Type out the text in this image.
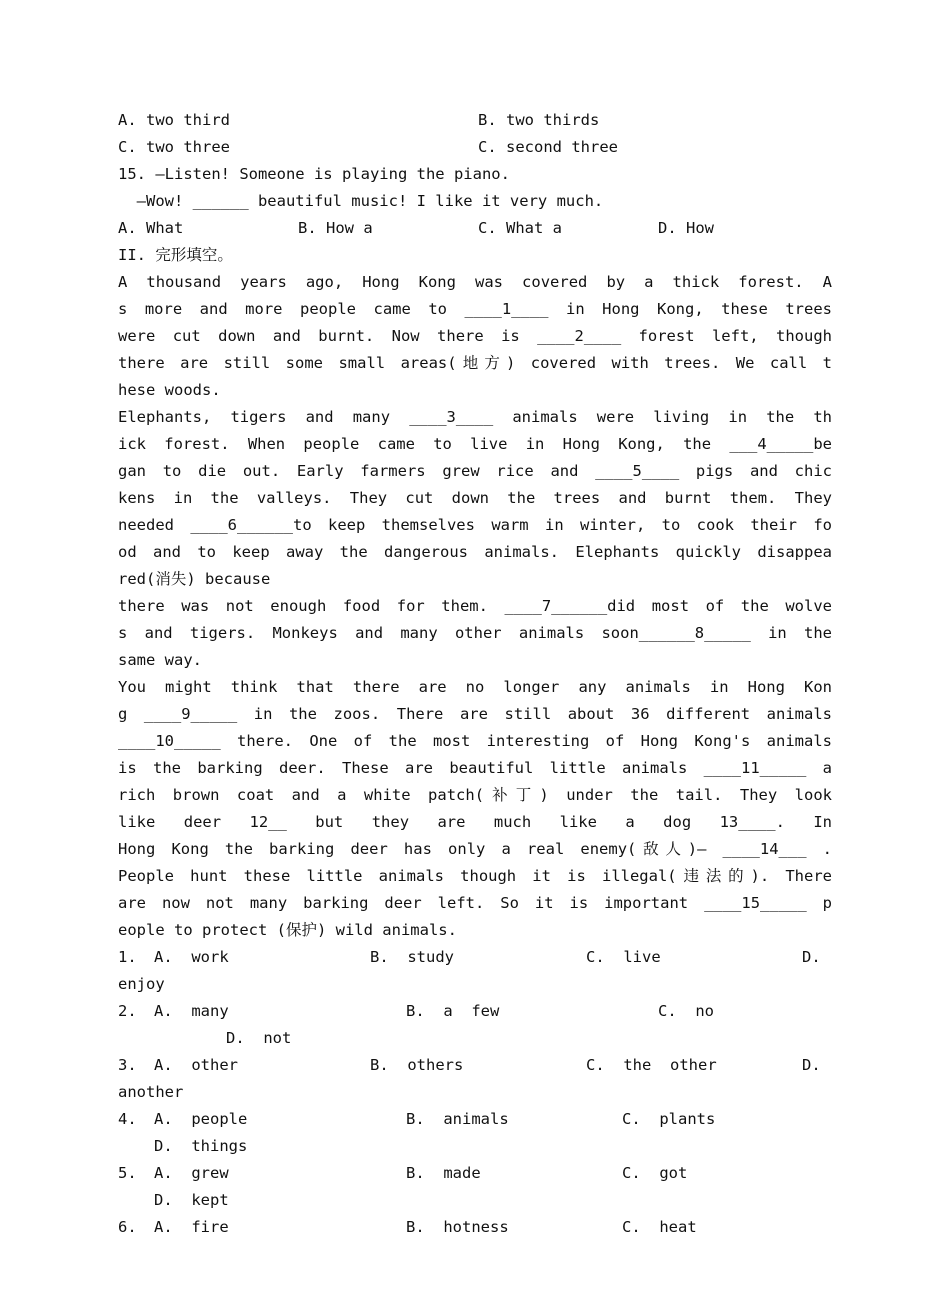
A. two third	B. two thirds
C. two three	C. second three
15. —Listen! Someone is playing the piano.
—Wow! ______ beautiful music! I like it very much.
A. What	B. How a	C. What a	D. How
II. 完形填空。
A thousand years ago, Hong Kong was covered by a thick forest. A
s more and more people came to ____1____ in Hong Kong, these trees
were cut down and burnt. Now there is ____2____ forest left, though
there are still some small areas(地方) covered with trees. We call t
hese woods.
Elephants, tigers and many ____3____ animals were living in the th
ick forest. When people came to live in Hong Kong, the ___4_____be
gan to die out. Early farmers grew rice and ____5____ pigs and chic
kens in the valleys. They cut down the trees and burnt them. They
needed ____6______to keep themselves warm in winter, to cook their fo
od and to keep away the dangerous animals. Elephants quickly disappea
red(消失) because
there was not enough food for them. ____7______did most of the wolve
s and tigers. Monkeys and many other animals soon______8_____ in the
same way.
You might think that there are no longer any animals in Hong Kon
g ____9_____ in the zoos. There are still about 36 different animals
____10_____ there. One of the most interesting of Hong Kong's animals
is the barking deer. These are beautiful little animals ____11_____ a
rich brown coat and a white patch(补丁) under the tail. They look
like deer 12__ but they are much like a dog 13____. In
Hong Kong the barking deer has only a real enemy(敌人)— ____14___ .
People hunt these little animals though it is illegal(违法的). There
are now not many barking deer left. So it is important ____15_____ p
eople to protect (保护) wild animals.
1. A.  work	B.  study	C.  live	D.
enjoy
2. A.  many	B.  a  few	C.  no
D.  not
3. A.  other	B.  others	C.  the  other	D.
another
4. A.  people	B.  animals	C.  plants
D.  things
5. A.  grew	B.  made	C.  got
D.  kept
6. A.  fire	B.  hotness	C.  heat
